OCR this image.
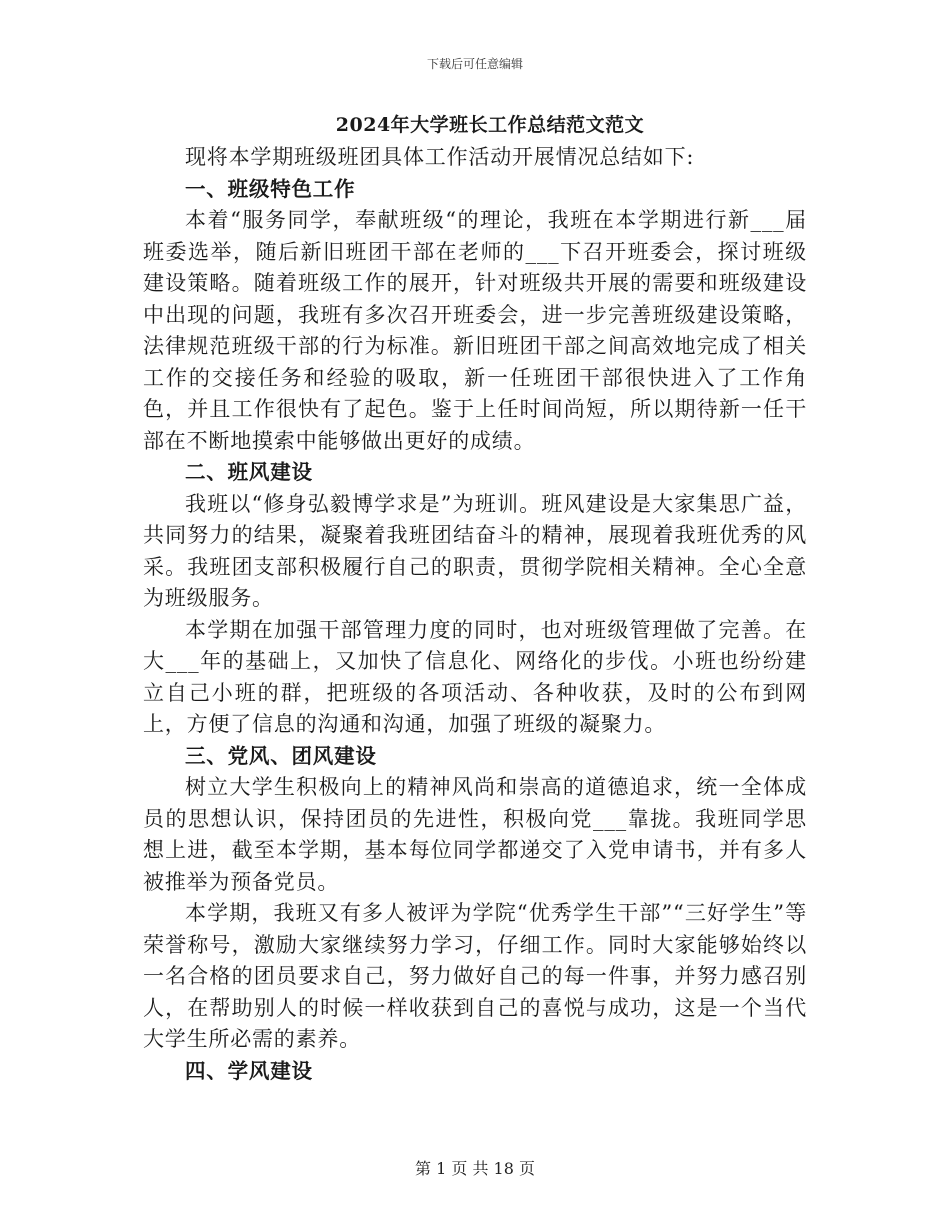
下载后可任意编辑
2024年大学班长工作总结范文范文

现将本学期班级班团具体工作活动开展情况总结如下:

一、班级特色工作

本着“服务同学，奉献班级“的理论，我班在本学期进行新___届班委选举，随后新旧班团干部在老师的___下召开班委会，探讨班级建设策略。随着班级工作的展开，针对班级共开展的需要和班级建设中出现的问题，我班有多次召开班委会，进一步完善班级建设策略，法律规范班级干部的行为标准。新旧班团干部之间高效地完成了相关工作的交接任务和经验的吸取，新一任班团干部很快进入了工作角色，并且工作很快有了起色。鉴于上任时间尚短，所以期待新一任干部在不断地摸索中能够做出更好的成绩。

二、班风建设

我班以“修身弘毅博学求是”为班训。班风建设是大家集思广益，共同努力的结果，凝聚着我班团结奋斗的精神，展现着我班优秀的风采。我班团支部积极履行自己的职责，贯彻学院相关精神。全心全意为班级服务。

本学期在加强干部管理力度的同时，也对班级管理做了完善。在大___年的基础上，又加快了信息化、网络化的步伐。小班也纷纷建立自己小班的群，把班级的各项活动、各种收获，及时的公布到网上，方便了信息的沟通和沟通，加强了班级的凝聚力。

三、党风、团风建设

树立大学生积极向上的精神风尚和崇高的道德追求，统一全体成员的思想认识，保持团员的先进性，积极向党___靠拢。我班同学思想上进，截至本学期，基本每位同学都递交了入党申请书，并有多人被推举为预备党员。

本学期，我班又有多人被评为学院“优秀学生干部”“三好学生”等荣誉称号，激励大家继续努力学习，仔细工作。同时大家能够始终以一名合格的团员要求自己，努力做好自己的每一件事，并努力感召别人，在帮助别人的时候一样收获到自己的喜悦与成功，这是一个当代大学生所必需的素养。

四、学风建设

第 1 页 共 18 页
